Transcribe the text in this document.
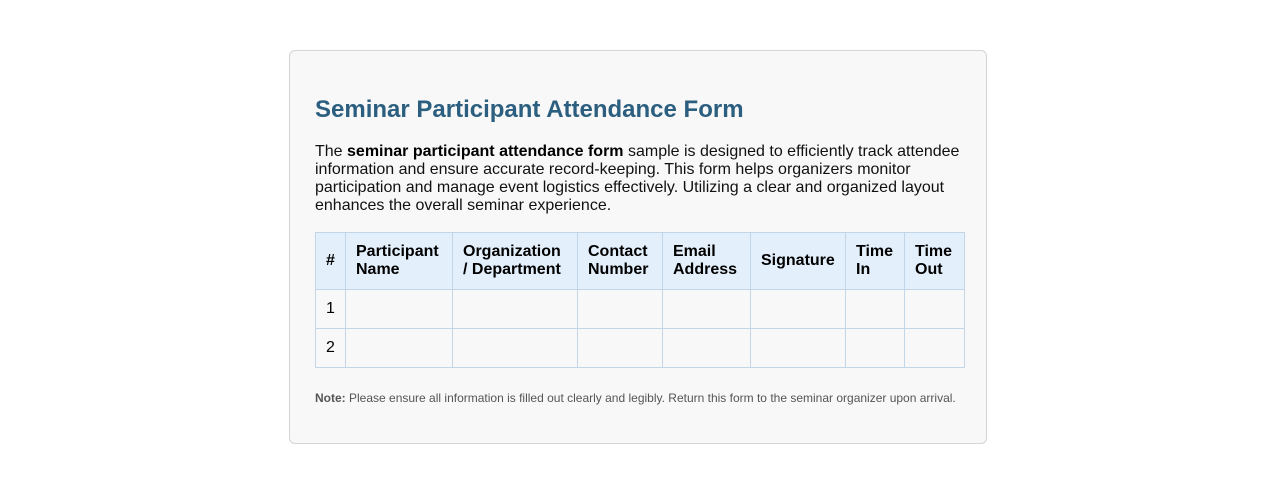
Seminar Participant Attendance Form

The seminar participant attendance form sample is designed to efficiently track attendee information and ensure accurate record-keeping. This form helps organizers monitor participation and manage event logistics effectively. Utilizing a clear and organized layout enhances the overall seminar experience.

#	Participant Name	Organization / Department	Contact Number	Email Address	Signature	Time In	Time Out
1							
2							

Note: Please ensure all information is filled out clearly and legibly. Return this form to the seminar organizer upon arrival.
